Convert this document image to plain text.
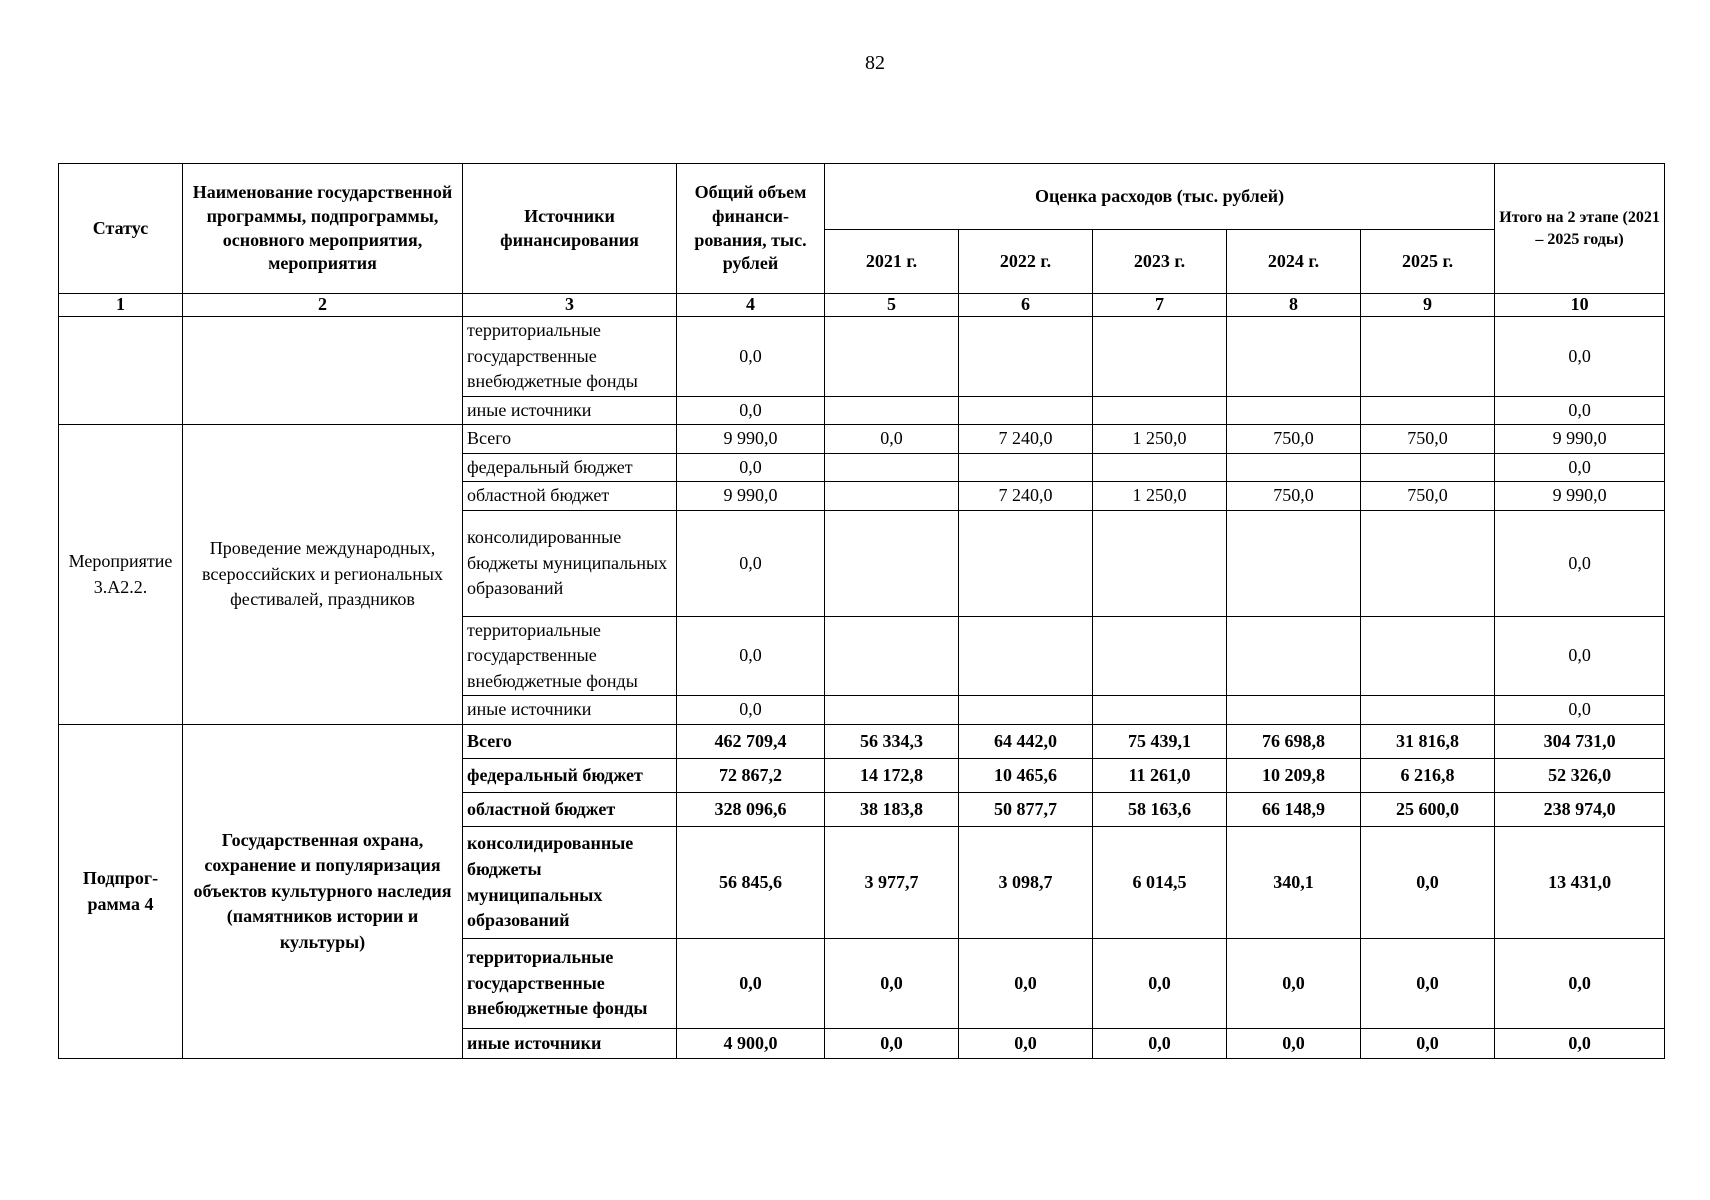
82
Статус	Наименование государственной программы, подпрограммы, основного мероприятия, мероприятия	Источники финансирования	Общий объем финанси-рования, тыс. рублей	Оценка расходов (тыс. рублей)					Итого на 2 этапе (2021 – 2025 годы)
				2021 г.	2022 г.	2023 г.	2024 г.	2025 г.	
1	2	3	4	5	6	7	8	9	10
		территориальные государственные внебюджетные фонды	0,0						0,0
		иные источники	0,0						0,0
Мероприятие 3.А2.2.	Проведение международных, всероссийских и региональных фестивалей, праздников	Всего	9 990,0	0,0	7 240,0	1 250,0	750,0	750,0	9 990,0
		федеральный бюджет	0,0						0,0
		областной бюджет	9 990,0		7 240,0	1 250,0	750,0	750,0	9 990,0
		консолидированные бюджеты муниципальных образований	0,0						0,0
		территориальные государственные внебюджетные фонды	0,0						0,0
		иные источники	0,0						0,0
Подпрог-рамма 4	Государственная охрана, сохранение и популяризация объектов культурного наследия (памятников истории и культуры)	Всего	462 709,4	56 334,3	64 442,0	75 439,1	76 698,8	31 816,8	304 731,0
		федеральный бюджет	72 867,2	14 172,8	10 465,6	11 261,0	10 209,8	6 216,8	52 326,0
		областной бюджет	328 096,6	38 183,8	50 877,7	58 163,6	66 148,9	25 600,0	238 974,0
		консолидированные бюджеты муниципальных образований	56 845,6	3 977,7	3 098,7	6 014,5	340,1	0,0	13 431,0
		территориальные государственные внебюджетные фонды	0,0	0,0	0,0	0,0	0,0	0,0	0,0
		иные источники	4 900,0	0,0	0,0	0,0	0,0	0,0	0,0
